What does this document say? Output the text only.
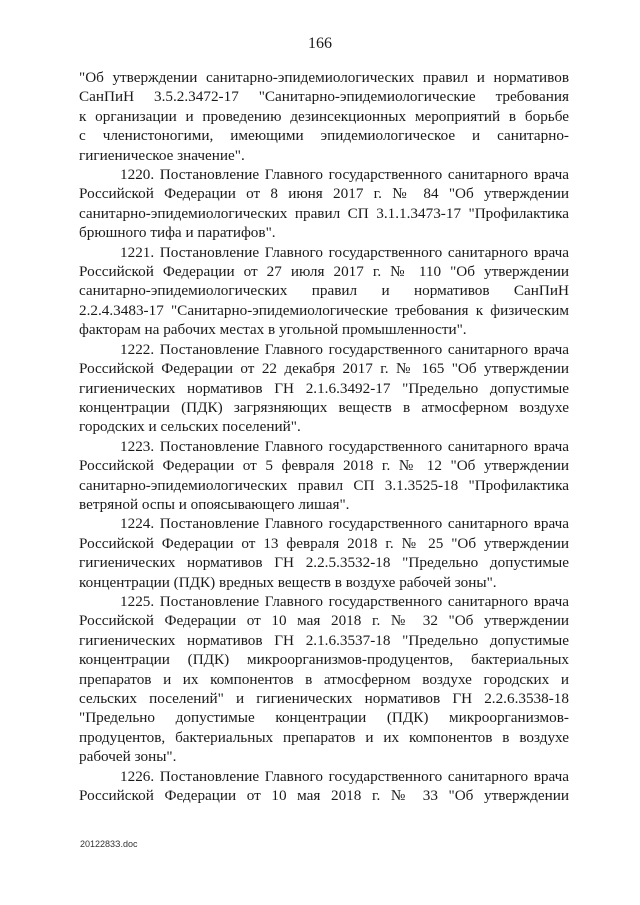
166

"Об утверждении санитарно-эпидемиологических правил и нормативов
СанПиН 3.5.2.3472-17 "Санитарно-эпидемиологические требования
к организации и проведению дезинсекционных мероприятий в борьбе
с членистоногими, имеющими эпидемиологическое и санитарно-
гигиеническое значение".

1220. Постановление Главного государственного санитарного врача
Российской Федерации от 8 июня 2017 г. № 84 "Об утверждении
санитарно-эпидемиологических правил СП 3.1.1.3473-17 "Профилактика
брюшного тифа и паратифов".

1221. Постановление Главного государственного санитарного врача
Российской Федерации от 27 июля 2017 г. № 110 "Об утверждении
санитарно-эпидемиологических правил и нормативов СанПиН
2.2.4.3483-17 "Санитарно-эпидемиологические требования к физическим
факторам на рабочих местах в угольной промышленности".

1222. Постановление Главного государственного санитарного врача
Российской Федерации от 22 декабря 2017 г. № 165 "Об утверждении
гигиенических нормативов ГН 2.1.6.3492-17 "Предельно допустимые
концентрации (ПДК) загрязняющих веществ в атмосферном воздухе
городских и сельских поселений".

1223. Постановление Главного государственного санитарного врача
Российской Федерации от 5 февраля 2018 г. № 12 "Об утверждении
санитарно-эпидемиологических правил СП 3.1.3525-18 "Профилактика
ветряной оспы и опоясывающего лишая".

1224. Постановление Главного государственного санитарного врача
Российской Федерации от 13 февраля 2018 г. № 25 "Об утверждении
гигиенических нормативов ГН 2.2.5.3532-18 "Предельно допустимые
концентрации (ПДК) вредных веществ в воздухе рабочей зоны".

1225. Постановление Главного государственного санитарного врача
Российской Федерации от 10 мая 2018 г. № 32 "Об утверждении
гигиенических нормативов ГН 2.1.6.3537-18 "Предельно допустимые
концентрации (ПДК) микроорганизмов-продуцентов, бактериальных
препаратов и их компонентов в атмосферном воздухе городских и
сельских поселений" и гигиенических нормативов ГН 2.2.6.3538-18
"Предельно допустимые концентрации (ПДК) микроорганизмов-
продуцентов, бактериальных препаратов и их компонентов в воздухе
рабочей зоны".

1226. Постановление Главного государственного санитарного врача
Российской Федерации от 10 мая 2018 г. № 33 "Об утверждении

2012283З.doc
